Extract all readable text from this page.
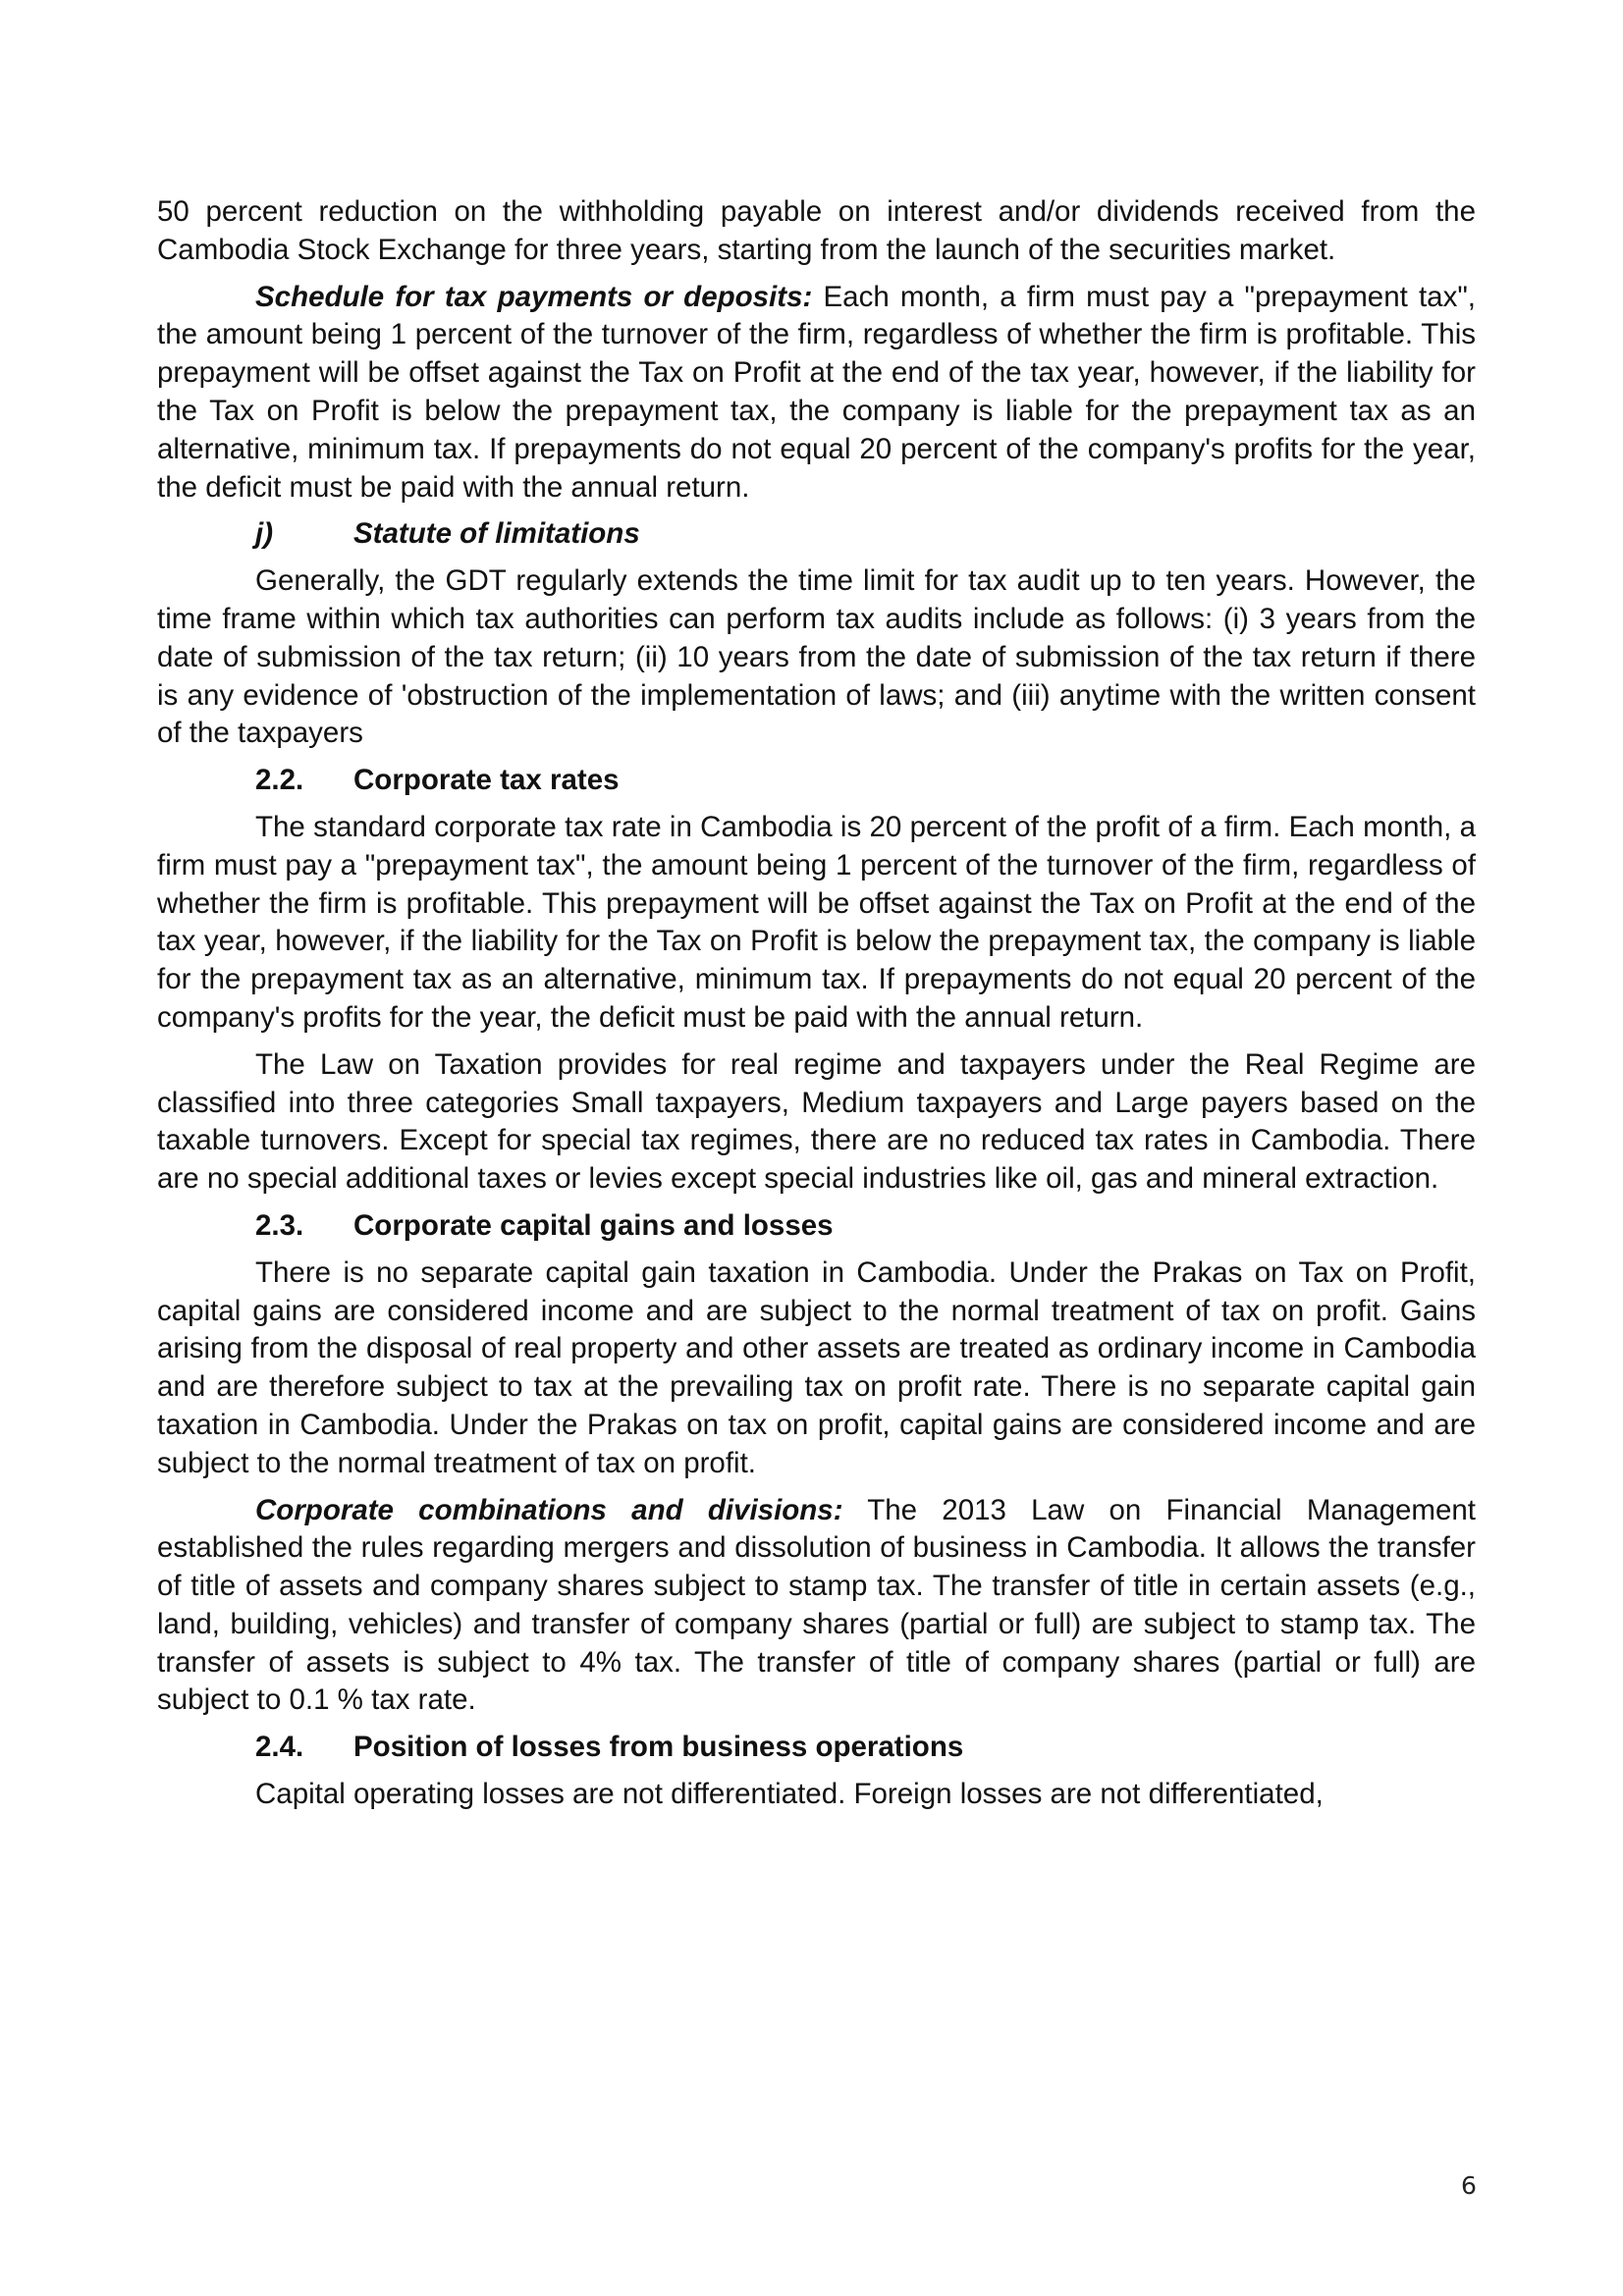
50 percent reduction on the withholding payable on interest and/or dividends received from the Cambodia Stock Exchange for three years, starting from the launch of the securities market.

Schedule for tax payments or deposits: Each month, a firm must pay a "prepayment tax", the amount being 1 percent of the turnover of the firm, regardless of whether the firm is profitable. This prepayment will be offset against the Tax on Profit at the end of the tax year, however, if the liability for the Tax on Profit is below the prepayment tax, the company is liable for the prepayment tax as an alternative, minimum tax. If prepayments do not equal 20 percent of the company's profits for the year, the deficit must be paid with the annual return.

j)	Statute of limitations

Generally, the GDT regularly extends the time limit for tax audit up to ten years. However, the time frame within which tax authorities can perform tax audits include as follows: (i) 3 years from the date of submission of the tax return; (ii) 10 years from the date of submission of the tax return if there is any evidence of 'obstruction of the implementation of laws; and (iii) anytime with the written consent of the taxpayers

2.2.	Corporate tax rates

The standard corporate tax rate in Cambodia is 20 percent of the profit of a firm. Each month, a firm must pay a "prepayment tax", the amount being 1 percent of the turnover of the firm, regardless of whether the firm is profitable. This prepayment will be offset against the Tax on Profit at the end of the tax year, however, if the liability for the Tax on Profit is below the prepayment tax, the company is liable for the prepayment tax as an alternative, minimum tax. If prepayments do not equal 20 percent of the company's profits for the year, the deficit must be paid with the annual return.

The Law on Taxation provides for real regime and taxpayers under the Real Regime are classified into three categories Small taxpayers, Medium taxpayers and Large payers based on the taxable turnovers. Except for special tax regimes, there are no reduced tax rates in Cambodia. There are no special additional taxes or levies except special industries like oil, gas and mineral extraction.

2.3.	Corporate capital gains and losses

There is no separate capital gain taxation in Cambodia. Under the Prakas on Tax on Profit, capital gains are considered income and are subject to the normal treatment of tax on profit. Gains arising from the disposal of real property and other assets are treated as ordinary income in Cambodia and are therefore subject to tax at the prevailing tax on profit rate. There is no separate capital gain taxation in Cambodia. Under the Prakas on tax on profit, capital gains are considered income and are subject to the normal treatment of tax on profit.

Corporate combinations and divisions: The 2013 Law on Financial Management established the rules regarding mergers and dissolution of business in Cambodia. It allows the transfer of title of assets and company shares subject to stamp tax. The transfer of title in certain assets (e.g., land, building, vehicles) and transfer of company shares (partial or full) are subject to stamp tax. The transfer of assets is subject to 4% tax. The transfer of title of company shares (partial or full) are subject to 0.1 % tax rate.

2.4.	Position of losses from business operations

Capital operating losses are not differentiated. Foreign losses are not differentiated,

6
